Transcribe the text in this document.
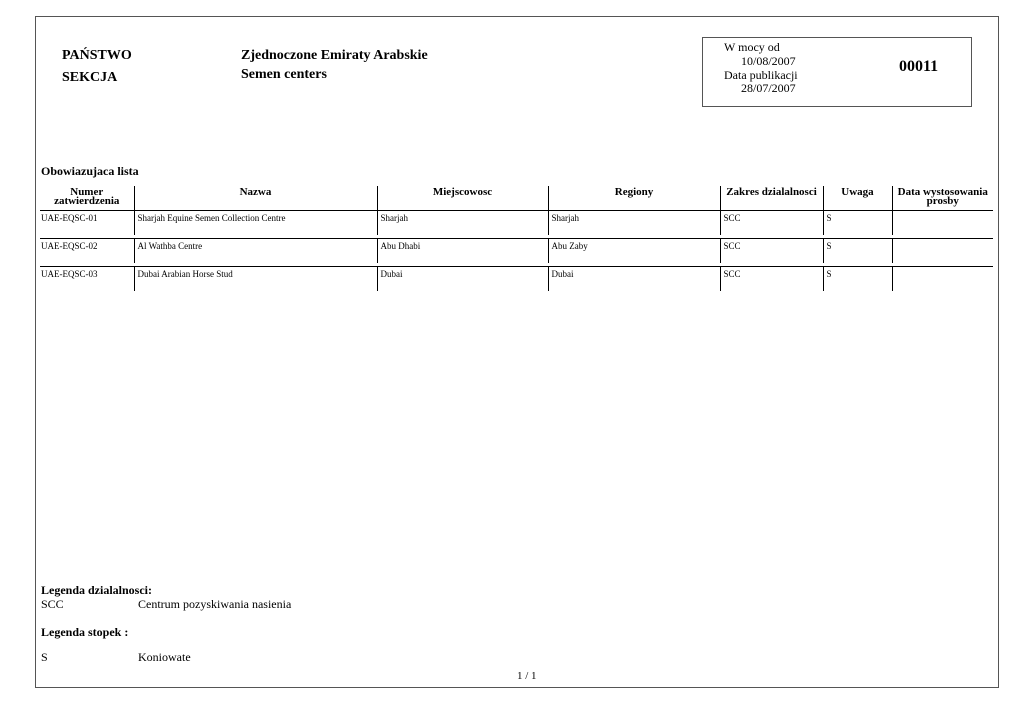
PAŃSTWO
SEKCJA
Zjednoczone Emiraty Arabskie
Semen centers
W mocy od
10/08/2007
Data publikacji
28/07/2007
00011
Obowiazujaca lista
Numer zatwierdzenia	Nazwa	Miejscowosc	Regiony	Zakres dzialalnosci	Uwaga	Data wystosowania prosby
UAE-EQSC-01	Sharjah Equine Semen Collection Centre	Sharjah	Sharjah	SCC	S	

UAE-EQSC-02	Al Wathba Centre	Abu Dhabi	Abu Zaby	SCC	S	

UAE-EQSC-03	Dubai Arabian Horse Stud	Dubai	Dubai	SCC	S	
Legenda dzialalnosci:
SCC	Centrum pozyskiwania nasienia
Legenda stopek :
S	Koniowate
1 / 1
